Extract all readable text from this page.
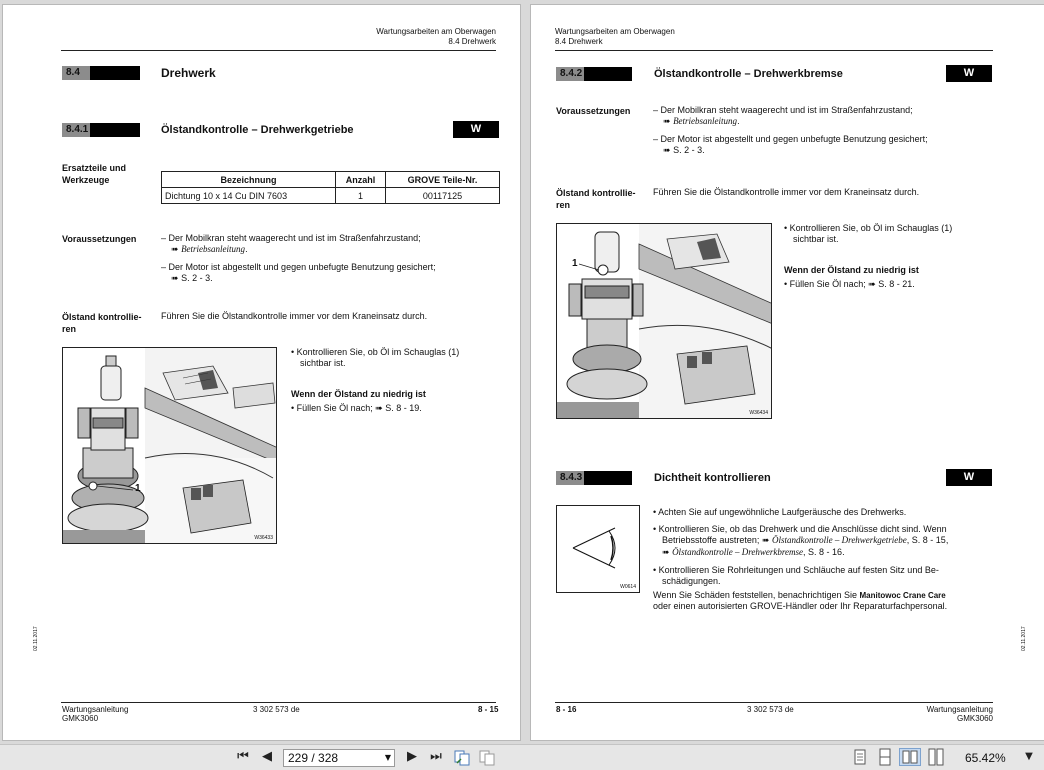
Wartungsarbeiten am Oberwagen
8.4 Drehwerk
8.4	Drehwerk
8.4.1	Ölstandkontrolle – Drehwerkgetriebe	W
Ersatzteile und
Werkzeuge	Bezeichnung	Anzahl	GROVE Teile-Nr.
Dichtung 10 x 14 Cu DIN 7603	1	00117125
Voraussetzungen	– Der Mobilkran steht waagerecht und ist im Straßenfahrzustand;
➠ Betriebsanleitung.
– Der Motor ist abgestellt und gegen unbefugte Benutzung gesichert;
➠ S. 2 - 3.
Ölstand kontrollie-
ren
Führen Sie die Ölstandkontrolle immer vor dem Kraneinsatz durch.
1
W36433
• Kontrollieren Sie, ob Öl im Schauglas (1)
sichtbar ist.
Wenn der Ölstand zu niedrig ist
• Füllen Sie Öl nach; ➠ S. 8 - 19.
02.11.2017
Wartungsanleitung
GMK3060
3 302 573 de	8 - 15
Wartungsarbeiten am Oberwagen
8.4 Drehwerk
8.4.2	Ölstandkontrolle – Drehwerkbremse	W
Voraussetzungen	– Der Mobilkran steht waagerecht und ist im Straßenfahrzustand;
➠ Betriebsanleitung.
– Der Motor ist abgestellt und gegen unbefugte Benutzung gesichert;
➠ S. 2 - 3.
Ölstand kontrollie-
ren
Führen Sie die Ölstandkontrolle immer vor dem Kraneinsatz durch.
1
W36434
• Kontrollieren Sie, ob Öl im Schauglas (1)
sichtbar ist.
Wenn der Ölstand zu niedrig ist
• Füllen Sie Öl nach; ➠ S. 8 - 21.
8.4.3	Dichtheit kontrollieren	W
W0614
• Achten Sie auf ungewöhnliche Laufgeräusche des Drehwerks.
• Kontrollieren Sie, ob das Drehwerk und die Anschlüsse dicht sind. Wenn
Betriebsstoffe austreten; ➠ Ölstandkontrolle – Drehwerkgetriebe, S. 8 - 15,
➠ Ölstandkontrolle – Drehwerkbremse, S. 8 - 16.
• Kontrollieren Sie Rohrleitungen und Schläuche auf festen Sitz und Be-
schädigungen.
Wenn Sie Schäden feststellen, benachrichtigen Sie Manitowoc Crane Care
oder einen autorisierten GROVE-Händler oder Ihr Reparaturfachpersonal.
02.11.2017
8 - 16	3 302 573 de	Wartungsanleitung
GMK3060
⏮	◀	229 / 328	▼	▶	⏭	65.42%	▼
